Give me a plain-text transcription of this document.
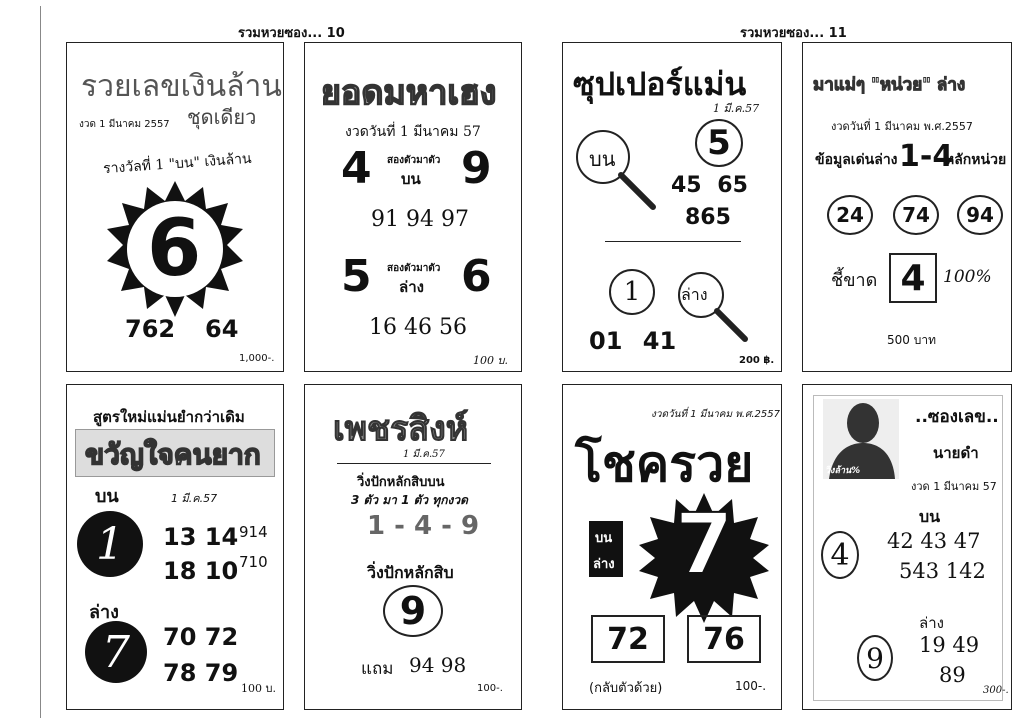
รวมหวยซอง... 10	รวมหวยซอง... 11
รวยเลขเงินล้าน
ชุดเดียว
งวด 1 มีนาคม 2557
รางวัลที่ 1 "บน" เงินล้าน
6
762 64
1,000-.
ยอดมหาเฮง
งวดวันที่ 1 มีนาคม 57
4 สองตัวมาตัว
บน 9
91 94 97
5 สองตัวมาตัว
ล่าง 6
16 46 56
100 บ.
ซุปเปอร์แม่น
1 มี.ค.57
บน	5
45 65
865
1	ล่าง
01 41
200 ฿.
มาแม่ๆ "หน่วย" ล่าง
งวดวันที่ 1 มีนาคม พ.ศ.2557
ข้อมูลเด่นล่าง 1-4
หลักหน่วย
24 74 94
ชี้ขาด 4 100%
500 บาท
สูตรใหม่แม่นยำกว่าเดิม
ขวัญใจคนยาก
บน	1 มี.ค.57
1 13 14
18 10
914
710
ล่าง
7 70 72
78 79
100 บ.
เพชรสิงห์
1 มี.ค.57
วิ่งปักหลักสิบบน
3 ตัว มา 1 ตัว ทุกงวด
1 - 4 - 9
วิ่งปักหลักสิบ
9
แถม 94 98
100-.
งวดวันที่ 1 มีนาคม พ.ศ.2557
โชครวย
7
บน
ล่าง
72 76
(กลับตัวด้วย)	100-.
วิ่งล้าน%
..ซองเลข..
นายดำ
งวด 1 มีนาคม 57
บน
4 42 43 47
543 142
ล่าง
9 19 49
89
300-.
